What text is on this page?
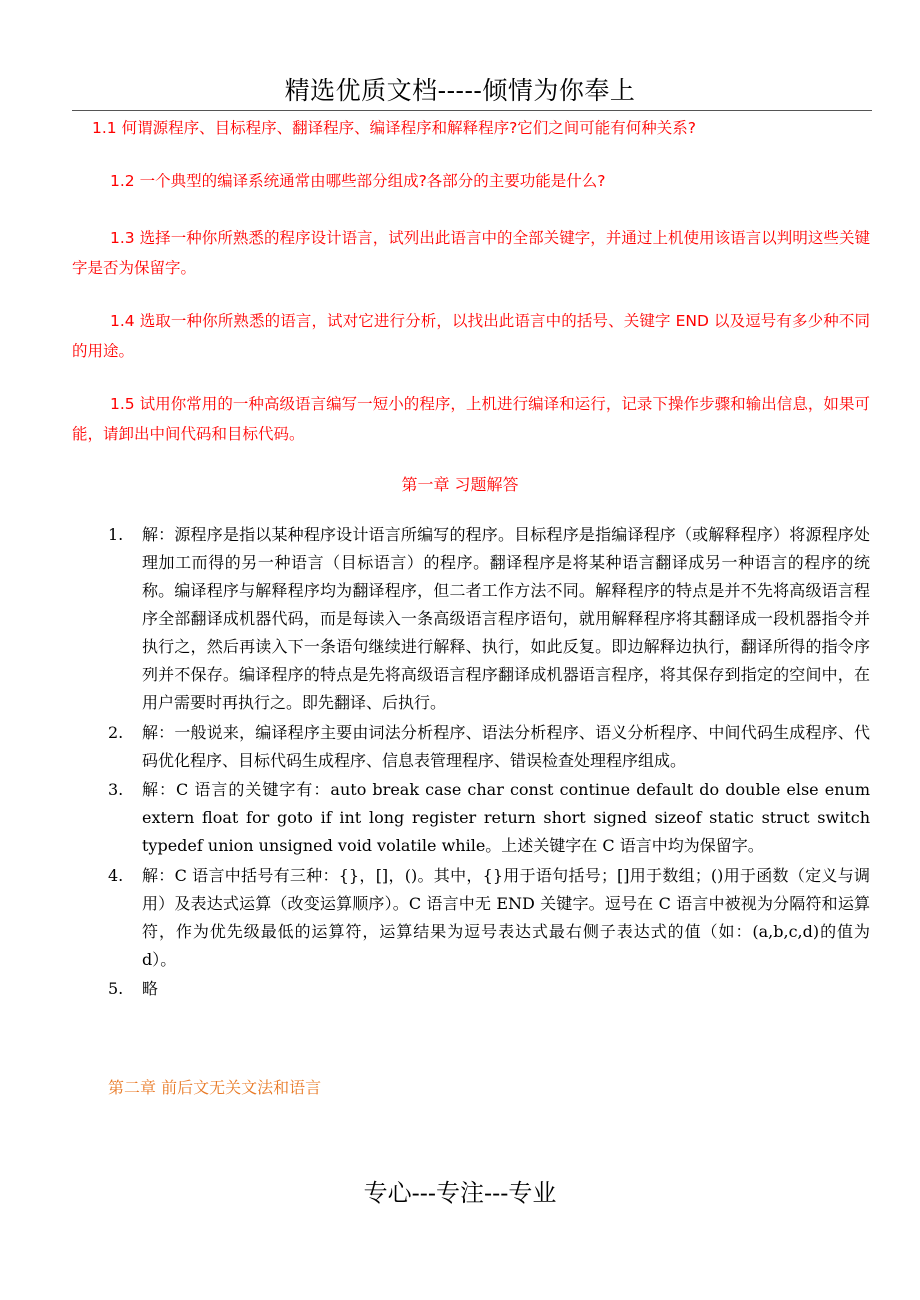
精选优质文档-----倾情为你奉上

1.1 何谓源程序、目标程序、翻译程序、编译程序和解释程序?它们之间可能有何种关系?

1.2 一个典型的编译系统通常由哪些部分组成?各部分的主要功能是什么?

1.3 选择一种你所熟悉的程序设计语言，试列出此语言中的全部关键字，并通过上机使用该语言以判明这些关键字是否为保留字。

1.4 选取一种你所熟悉的语言，试对它进行分析，以找出此语言中的括号、关键字 END 以及逗号有多少种不同的用途。

1.5 试用你常用的一种高级语言编写一短小的程序，上机进行编译和运行，记录下操作步骤和输出信息，如果可能，请卸出中间代码和目标代码。

第一章 习题解答
1. 解：源程序是指以某种程序设计语言所编写的程序。目标程序是指编译程序（或解释程序）将源程序处理加工而得的另一种语言（目标语言）的程序。翻译程序是将某种语言翻译成另一种语言的程序的统称。编译程序与解释程序均为翻译程序，但二者工作方法不同。解释程序的特点是并不先将高级语言程序全部翻译成机器代码，而是每读入一条高级语言程序语句，就用解释程序将其翻译成一段机器指令并执行之，然后再读入下一条语句继续进行解释、执行，如此反复。即边解释边执行，翻译所得的指令序列并不保存。编译程序的特点是先将高级语言程序翻译成机器语言程序，将其保存到指定的空间中，在用户需要时再执行之。即先翻译、后执行。
2. 解：一般说来，编译程序主要由词法分析程序、语法分析程序、语义分析程序、中间代码生成程序、代码优化程序、目标代码生成程序、信息表管理程序、错误检查处理程序组成。
3. 解：C 语言的关键字有：auto break case char const continue default do double else enum extern float for goto if int long register return short signed sizeof static struct switch typedef union unsigned void volatile while。上述关键字在 C 语言中均为保留字。
4. 解：C 语言中括号有三种：{}，[]，()。其中，{}用于语句括号；[]用于数组；()用于函数（定义与调用）及表达式运算（改变运算顺序）。C 语言中无 END 关键字。逗号在 C 语言中被视为分隔符和运算符，作为优先级最低的运算符，运算结果为逗号表达式最右侧子表达式的值（如：(a,b,c,d)的值为 d）。
5. 略
第二章 前后文无关文法和语言
专心---专注---专业
